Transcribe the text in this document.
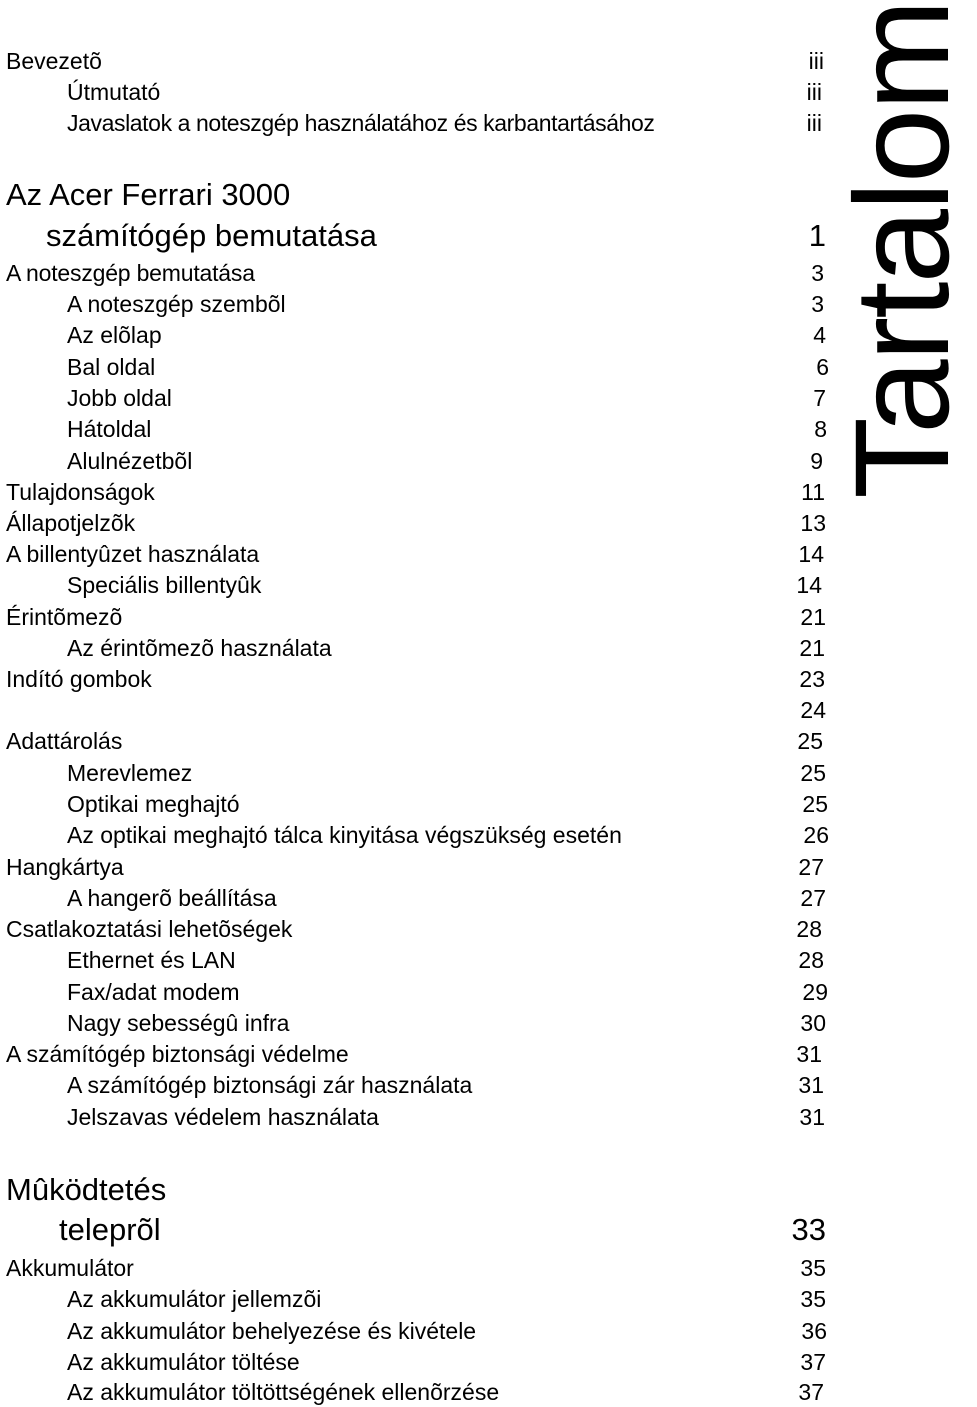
Bevezetõ	iii
Útmutató	iii
Javaslatok a noteszgép használatához és karbantartásához	iii
Az Acer Ferrari 3000
számítógép bemutatása	1
A noteszgép bemutatása	3
A noteszgép szembõl	3
Az elõlap	4
Bal oldal	6
Jobb oldal	7
Hátoldal	8
Alulnézetbõl	9
Tulajdonságok	11
Állapotjelzõk	13
A billentyûzet használata	14
Speciális billentyûk	14
Érintõmezõ	21
Az érintõmezõ használata	21
Indító gombok	23
24
Adattárolás	25
Merevlemez	25
Optikai meghajtó	25
Az optikai meghajtó tálca kinyitása végszükség esetén	26
Hangkártya	27
A hangerõ beállítása	27
Csatlakoztatási lehetõségek	28
Ethernet és LAN	28
Fax/adat modem	29
Nagy sebességû infra	30
A számítógép biztonsági védelme	31
A számítógép biztonsági zár használata	31
Jelszavas védelem használata	31
Mûködtetés
teleprõl	33
Akkumulátor	35
Az akkumulátor jellemzõi	35
Az akkumulátor behelyezése és kivétele	36
Az akkumulátor töltése	37
Az akkumulátor töltöttségének ellenõrzése	37
Tartalom
